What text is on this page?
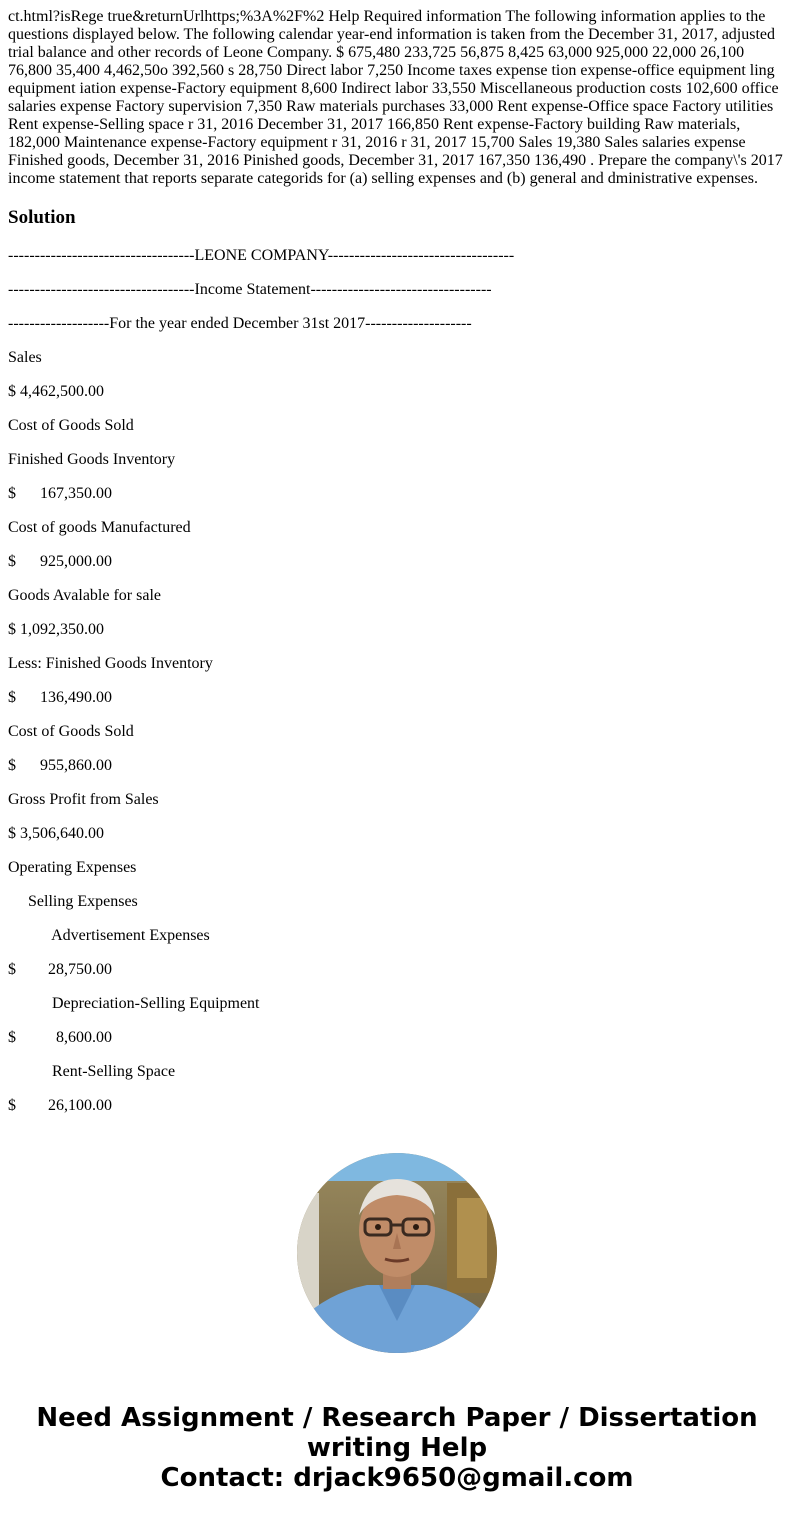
ct.html?isRege true&returnUrlhttps;%3A%2F%2 Help Required information The following information applies to the questions displayed below. The following calendar year-end information is taken from the December 31, 2017, adjusted trial balance and other records of Leone Company. $ 675,480 233,725 56,875 8,425 63,000 925,000 22,000 26,100 76,800 35,400 4,462,50o 392,560 s 28,750 Direct labor 7,250 Income taxes expense tion expense-office equipment ling equipment iation expense-Factory equipment 8,600 Indirect labor 33,550 Miscellaneous production costs 102,600 office salaries expense Factory supervision 7,350 Raw materials purchases 33,000 Rent expense-Office space Factory utilities Rent expense-Selling space r 31, 2016 December 31, 2017 166,850 Rent expense-Factory building Raw materials, 182,000 Maintenance expense-Factory equipment r 31, 2016 r 31, 2017 15,700 Sales 19,380 Sales salaries expense Finished goods, December 31, 2016 Pinished goods, December 31, 2017 167,350 136,490 . Prepare the company\'s 2017 income statement that reports separate categorids for (a) selling expenses and (b) general and dministrative expenses.

Solution

-----------------------------------LEONE COMPANY-----------------------------------

-----------------------------------Income Statement----------------------------------

-------------------For the year ended December 31st 2017--------------------

Sales

$ 4,462,500.00

Cost of Goods Sold

Finished Goods Inventory

$      167,350.00

Cost of goods Manufactured

$      925,000.00

Goods Avalable for sale

$ 1,092,350.00

Less: Finished Goods Inventory

$      136,490.00

Cost of Goods Sold

$      955,860.00

Gross Profit from Sales

$ 3,506,640.00

Operating Expenses

Selling Expenses

Advertisement Expenses

$        28,750.00

Depreciation-Selling Equipment

$          8,600.00

Rent-Selling Space

$        26,100.00

Need Assignment / Research Paper / Dissertation
writing Help
Contact: drjack9650@gmail.com
